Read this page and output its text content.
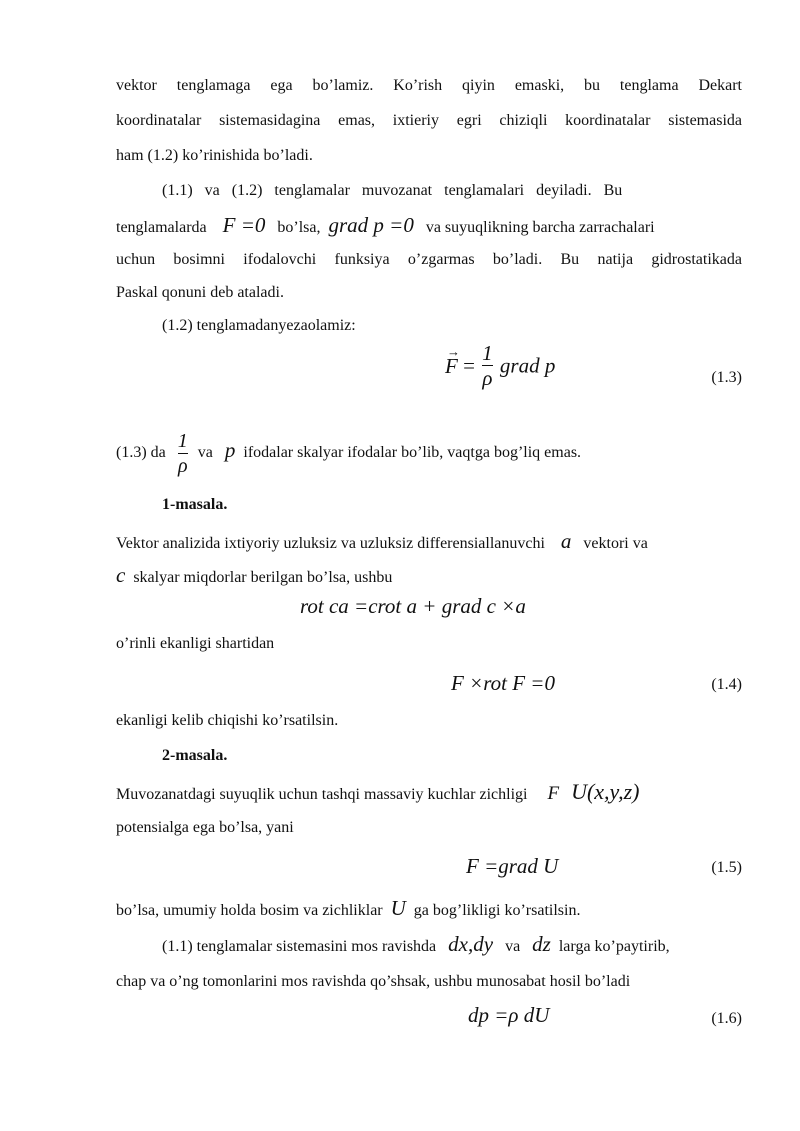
vektor tenglamaga ega bo’lamiz. Ko’rish qiyin emaski, bu tenglama Dekart
koordinatalar sistemasidagina emas, ixtieriy egri chiziqli koordinatalar sistemasida
ham (1.2) ko’rinishida bo’ladi.
(1.1)   va   (1.2)   tenglamalar   muvozanat   tenglamalari   deyiladi.   Bu
tenglamalarda F =0 bo’lsa, grad p =0 va suyuqlikning barcha zarrachalari
uchun bosimni ifodalovchi funksiya o’zgarmas bo’ladi. Bu natija gidrostatikada
Paskal qonuni deb ataladi.
(1.2) tenglamadanyezaolamiz:
→
$F = \frac{1}{\rho}$ grad p	(1.3)
(1.3) da $\frac{1}{\rho}$ va p ifodalar skalyar ifodalar bo’lib, vaqtga bog’liq emas.
1-masala.
Vektor analizida ixtiyoriy uzluksiz va uzluksiz differensiallanuvchi a vektori va
c skalyar miqdorlar berilgan bo’lsa, ushbu
rot ca =crot a + grad c ×a
o’rinli ekanligi shartidan
F ×rot F =0	(1.4)
ekanligi kelib chiqishi ko’rsatilsin.
2-masala.
Muvozanatdagi suyuqlik uchun tashqi massaviy kuchlar zichligi F U(x,y,z)
potensialga ega bo’lsa, yani
F =grad U	(1.5)
bo’lsa, umumiy holda bosim va zichliklar U ga bog’likligi ko’rsatilsin.
(1.1) tenglamalar sistemasini mos ravishda dx,dy va dz larga ko’paytirib,
chap va o’ng tomonlarini mos ravishda qo’shsak, ushbu munosabat hosil bo’ladi
dp =ρ dU	(1.6)
